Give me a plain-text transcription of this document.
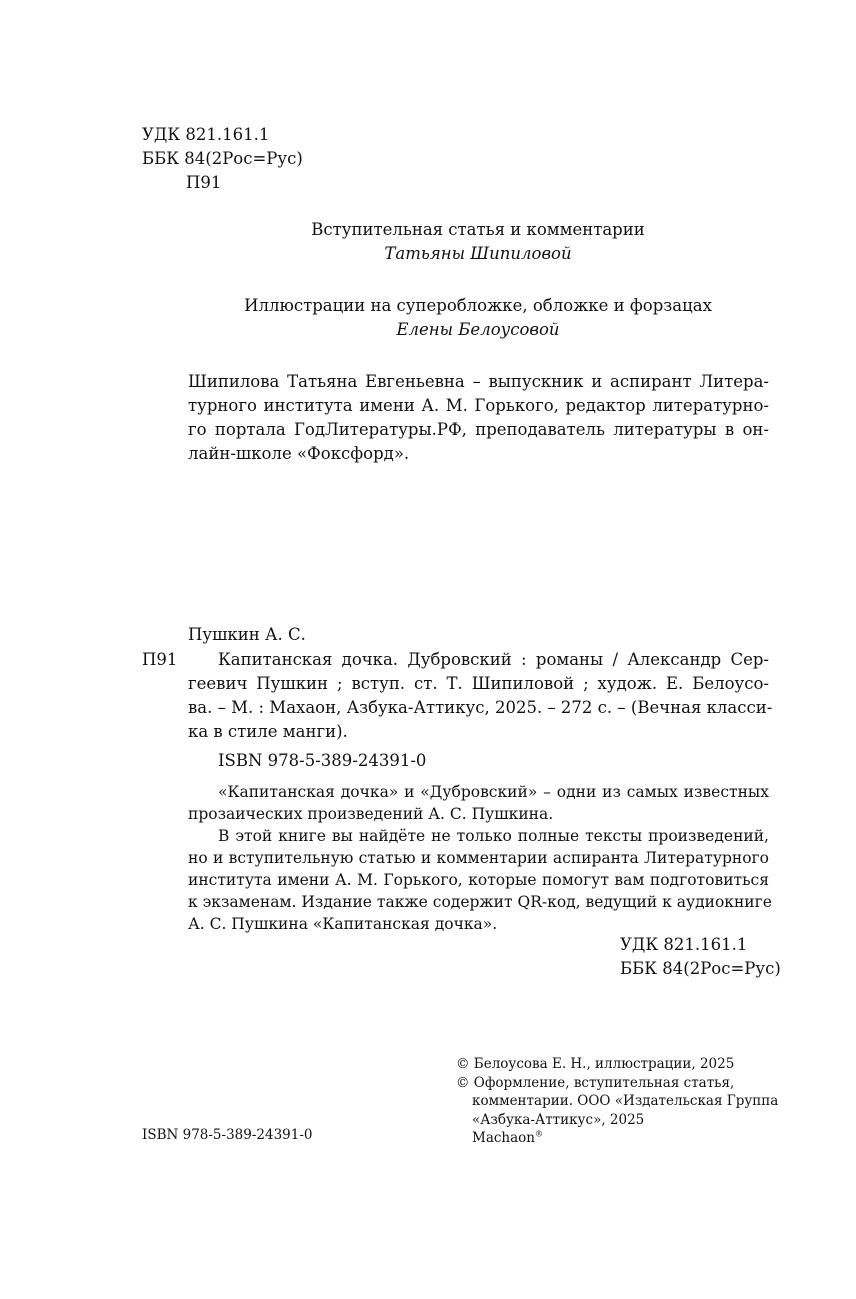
УДК 821.161.1
ББК 84(2Рос=Рус)
П91
Вступительная статья и комментарии
Татьяны Шипиловой
Иллюстрации на суперобложке, обложке и форзацах
Елены Белоусовой
Шипилова Татьяна Евгеньевна – выпускник и аспирант Литера-
турного института имени А. М. Горького, редактор литературно-
го портала ГодЛитературы.РФ, преподаватель литературы в он-
лайн-школе «Фоксфорд».
Пушкин А. С.
П91	Капитанская дочка. Дубровский : романы / Александр Сер-
геевич Пушкин ; вступ. ст. Т. Шипиловой ; худож. Е. Белоусо-
ва. – М. : Махаон, Азбука-Аттикус, 2025. – 272 с. – (Вечная класси-
ка в стиле манги).
ISBN 978-5-389-24391-0
«Капитанская дочка» и «Дубровский» – одни из самых известных
прозаических произведений А. С. Пушкина.
В этой книге вы найдёте не только полные тексты произведений,
но и вступительную статью и комментарии аспиранта Литературного
института имени А. М. Горького, которые помогут вам подготовиться
к экзаменам. Издание также содержит QR-код, ведущий к аудиокниге
А. С. Пушкина «Капитанская дочка».
УДК 821.161.1
ББК 84(2Рос=Рус)
ISBN 978-5-389-24391-0
© Белоусова Е. Н., иллюстрации, 2025
© Оформление, вступительная статья,
комментарии. ООО «Издательская Группа
«Азбука-Аттикус», 2025
Machaon®
